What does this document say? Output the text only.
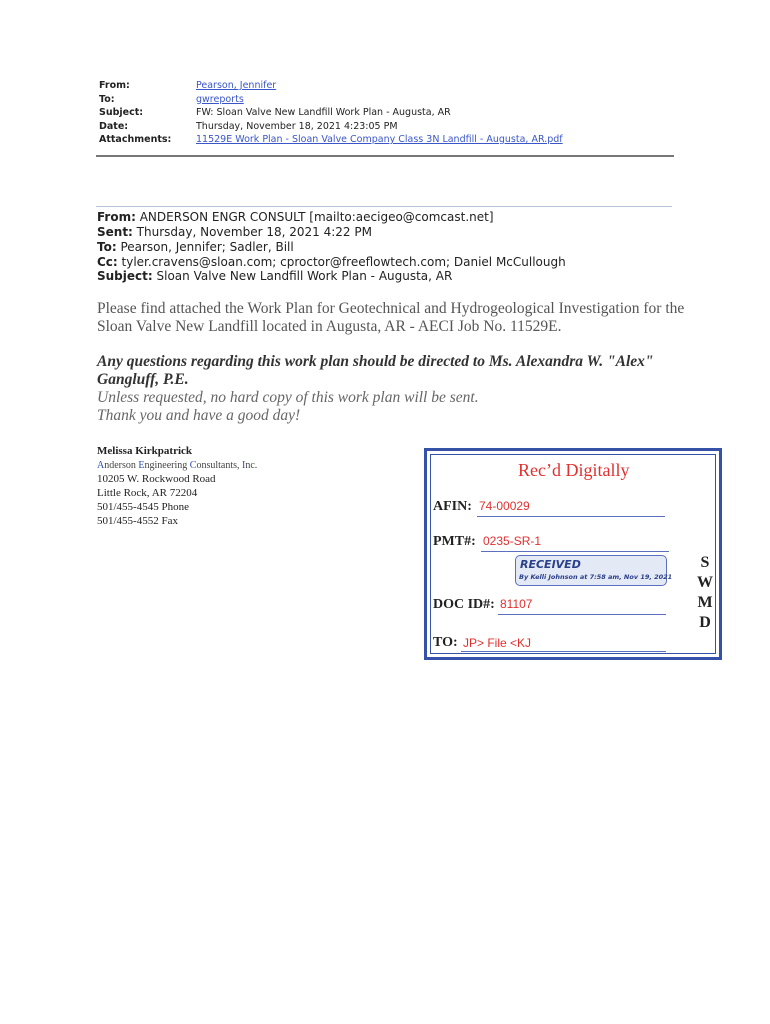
From:	Pearson, Jennifer
To:	gwreports
Subject:	FW: Sloan Valve New Landfill Work Plan - Augusta, AR
Date:	Thursday, November 18, 2021 4:23:05 PM
Attachments:	11529E Work Plan - Sloan Valve Company Class 3N Landfill - Augusta, AR.pdf
From: ANDERSON ENGR CONSULT [mailto:aecigeo@comcast.net]
Sent: Thursday, November 18, 2021 4:22 PM
To: Pearson, Jennifer; Sadler, Bill
Cc: tyler.cravens@sloan.com; cproctor@freeflowtech.com; Daniel McCullough
Subject: Sloan Valve New Landfill Work Plan - Augusta, AR
Please find attached the Work Plan for Geotechnical and Hydrogeological Investigation for the
Sloan Valve New Landfill located in Augusta, AR - AECI Job No. 11529E.
Any questions regarding this work plan should be directed to Ms. Alexandra W. "Alex"
Gangluff, P.E.
Unless requested, no hard copy of this work plan will be sent.
Thank you and have a good day!
Melissa Kirkpatrick
Anderson Engineering Consultants, Inc.
10205 W. Rockwood Road
Little Rock, AR 72204
501/455-4545 Phone
501/455-4552 Fax
Rec’d Digitally
AFIN: 74-00029
PMT#: 0235-SR-1
RECEIVED
By Kelli Johnson at 7:58 am, Nov 19, 2021
DOC ID#: 81107
TO: JP> File <KJ
S
W
M
D
